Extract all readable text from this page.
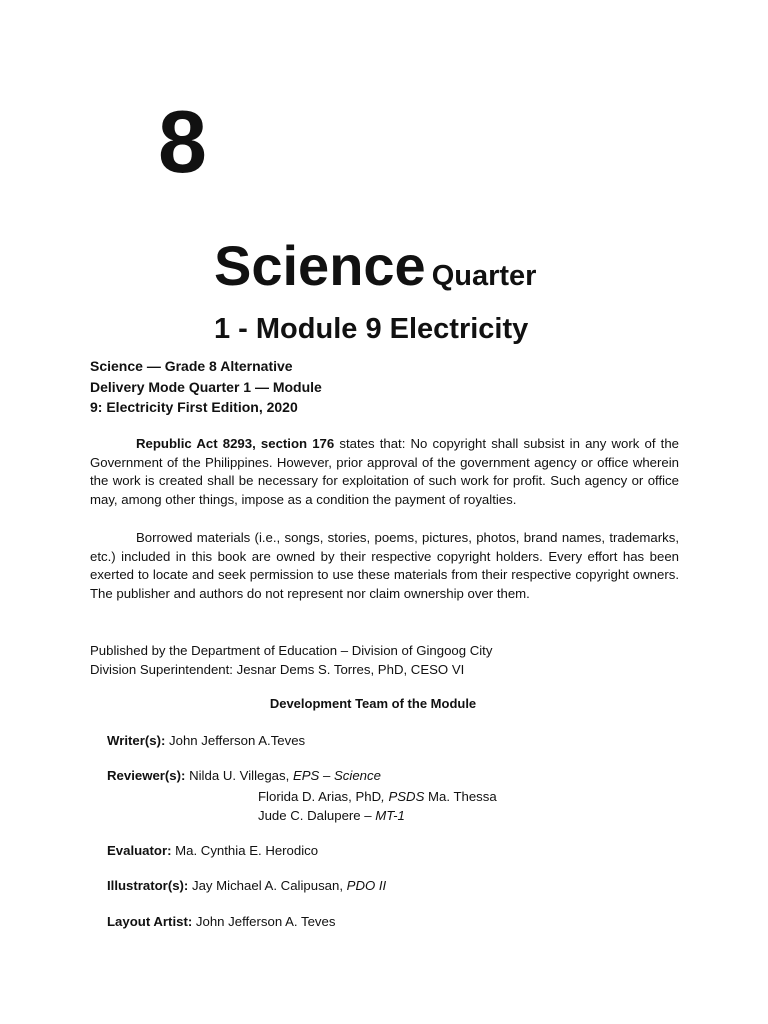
8
Science Quarter
1 - Module 9 Electricity
Science — Grade 8 Alternative
Delivery Mode Quarter 1 — Module
9: Electricity First Edition, 2020

Republic Act 8293, section 176 states that: No copyright shall subsist in any work of the Government of the Philippines. However, prior approval of the government agency or office wherein the work is created shall be necessary for exploitation of such work for profit. Such agency or office may, among other things, impose as a condition the payment of royalties.

Borrowed materials (i.e., songs, stories, poems, pictures, photos, brand names, trademarks, etc.) included in this book are owned by their respective copyright holders. Every effort has been exerted to locate and seek permission to use these materials from their respective copyright owners. The publisher and authors do not represent nor claim ownership over them.

Published by the Department of Education – Division of Gingoog City
Division Superintendent: Jesnar Dems S. Torres, PhD, CESO VI
Development Team of the Module
Writer(s): John Jefferson A.Teves
Reviewer(s): Nilda U. Villegas, EPS – Science
Florida D. Arias, PhD, PSDS Ma. Thessa
Jude C. Dalupere – MT-1
Evaluator: Ma. Cynthia E. Herodico
Illustrator(s): Jay Michael A. Calipusan, PDO II
Layout Artist: John Jefferson A. Teves
